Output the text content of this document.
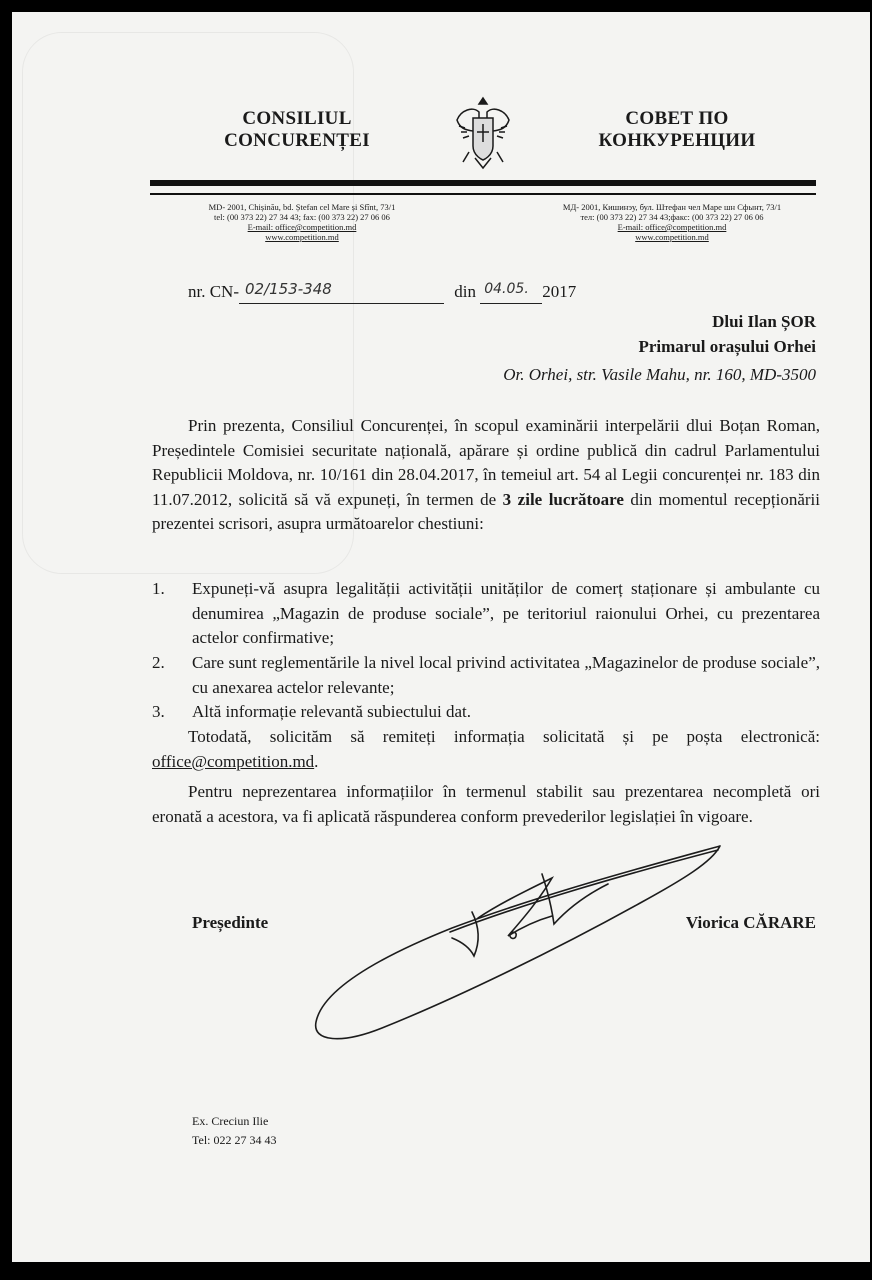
CONSILIUL
CONCURENȚEI
СОВЕТ ПО
КОНКУРЕНЦИИ
MD- 2001, Chișinău, bd. Ștefan cel Mare și Sfînt, 73/1
tel: (00 373 22) 27 34 43; fax: (00 373 22) 27 06 06
E-mail: office@competition.md
www.competition.md
МД- 2001, Кишинэу, бул. Штефан чел Маре шн Сфынт, 73/1
тел: (00 373 22) 27 34 43;факс: (00 373 22) 27 06 06
E-mail: office@competition.md
www.competition.md
nr. CN- 02/153-348	din 04.05. 2017
Dlui Ilan ȘOR
Primarul orașului Orhei
Or. Orhei, str. Vasile Mahu, nr. 160, MD-3500
Prin prezenta, Consiliul Concurenței, în scopul examinării interpelării dlui Boțan Roman, Președintele Comisiei securitate națională, apărare și ordine publică din cadrul Parlamentului Republicii Moldova, nr. 10/161 din 28.04.2017, în temeiul art. 54 al Legii concurenței nr. 183 din 11.07.2012, solicită să vă expuneți, în termen de 3 zile lucrătoare din momentul recepționării prezentei scrisori, asupra următoarelor chestiuni:
1.	Expuneți-vă asupra legalității activității unităților de comerț staționare și ambulante cu denumirea „Magazin de produse sociale”, pe teritoriul raionului Orhei, cu prezentarea actelor confirmative;
2.	Care sunt reglementările la nivel local privind activitatea „Magazinelor de produse sociale”, cu anexarea actelor relevante;
3.	Altă informație relevantă subiectului dat.
Totodată, solicităm să remiteți informația solicitată și pe poșta electronică: office@competition.md.
Pentru neprezentarea informațiilor în termenul stabilit sau prezentarea necompletă ori eronată a acestora, va fi aplicată răspunderea conform prevederilor legislației în vigoare.
Președinte	Viorica CĂRARE
Ex. Creciun Ilie
Tel: 022 27 34 43
